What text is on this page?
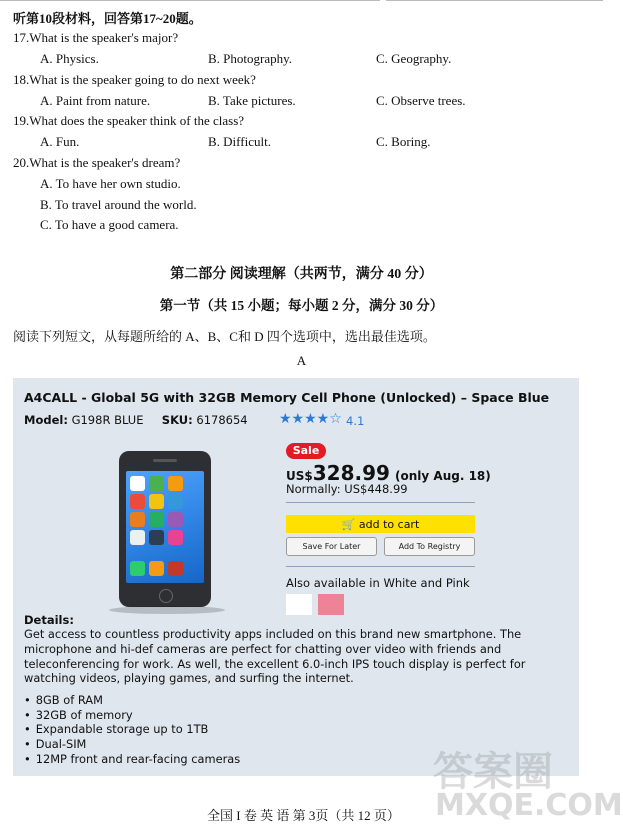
听第10段材料，回答第17~20题。
17.What is the speaker's major?
A. Physics.	B. Photography.	C. Geography.
18.What is the speaker going to do next week?
A. Paint from nature.	B. Take pictures.	C. Observe trees.
19.What does the speaker think of the class?
A. Fun.	B. Difficult.	C. Boring.
20.What is the speaker's dream?
A. To have her own studio.
B. To travel around the world.
C. To have a good camera.
第二部分 阅读理解（共两节，满分 40 分）
第一节（共 15 小题；每小题 2 分，满分 30 分）
阅读下列短文，从每题所给的 A、B、C和 D 四个选项中，选出最佳选项。
A
A4CALL - Global 5G with 32GB Memory Cell Phone (Unlocked) – Space Blue
Model: G198R BLUE SKU: 6178654 ★★★★☆ 4.1
Sale
US$328.99 (only Aug. 18)
Normally: US$448.99
🛒 add to cart
Save For Later	Add To Registry
Also available in White and Pink
Details:
Get access to countless productivity apps included on this brand new smartphone. The microphone and hi-def cameras are perfect for chatting over video with friends and teleconferencing for work. As well, the excellent 6.0-inch IPS touch display is perfect for watching videos, playing games, and surfing the internet.
• 8GB of RAM
• 32GB of memory
• Expandable storage up to 1TB
• Dual-SIM
• 12MP front and rear-facing cameras
全国 I 卷 英 语 第 3页（共 12 页）
答案圈
MXQE.COM
